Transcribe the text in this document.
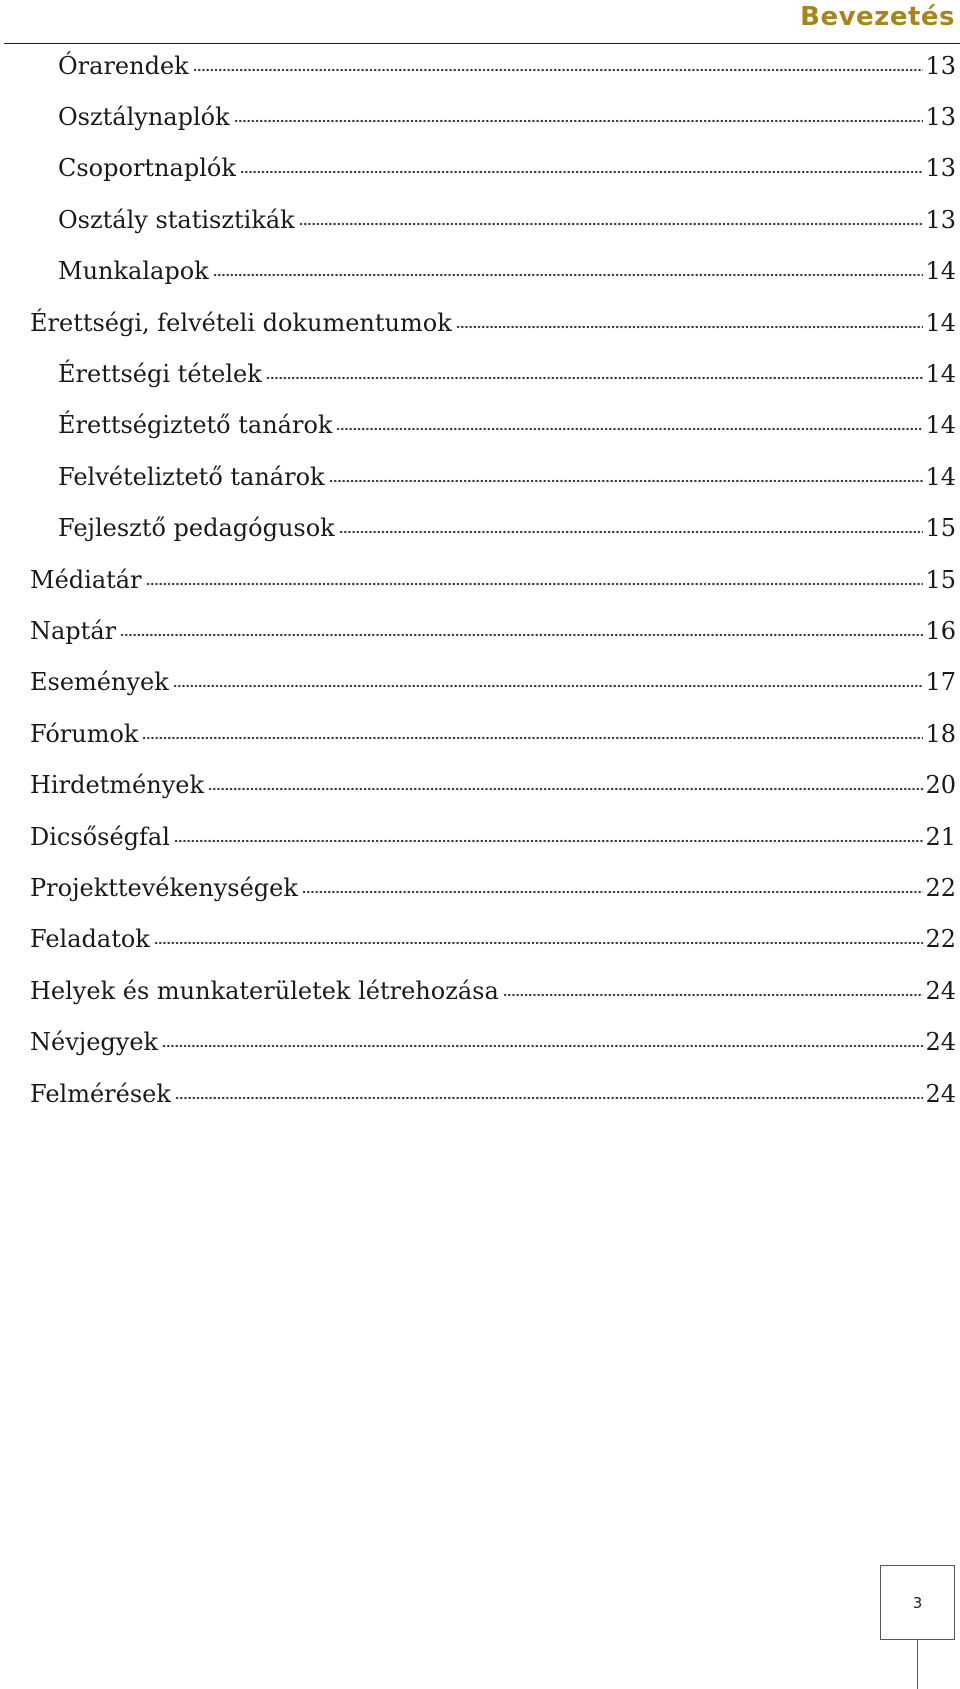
Bevezetés
Órarendek	13
Osztálynaplók	13
Csoportnaplók	13
Osztály statisztikák	13
Munkalapok	14
Érettségi, felvételi dokumentumok	14
Érettségi tételek	14
Érettségiztető tanárok	14
Felvételiztető tanárok	14
Fejlesztő pedagógusok	15
Médiatár	15
Naptár	16
Események	17
Fórumok	18
Hirdetmények	20
Dicsőségfal	21
Projekttevékenységek	22
Feladatok	22
Helyek és munkaterületek létrehozása	24
Névjegyek	24
Felmérések	24
3
